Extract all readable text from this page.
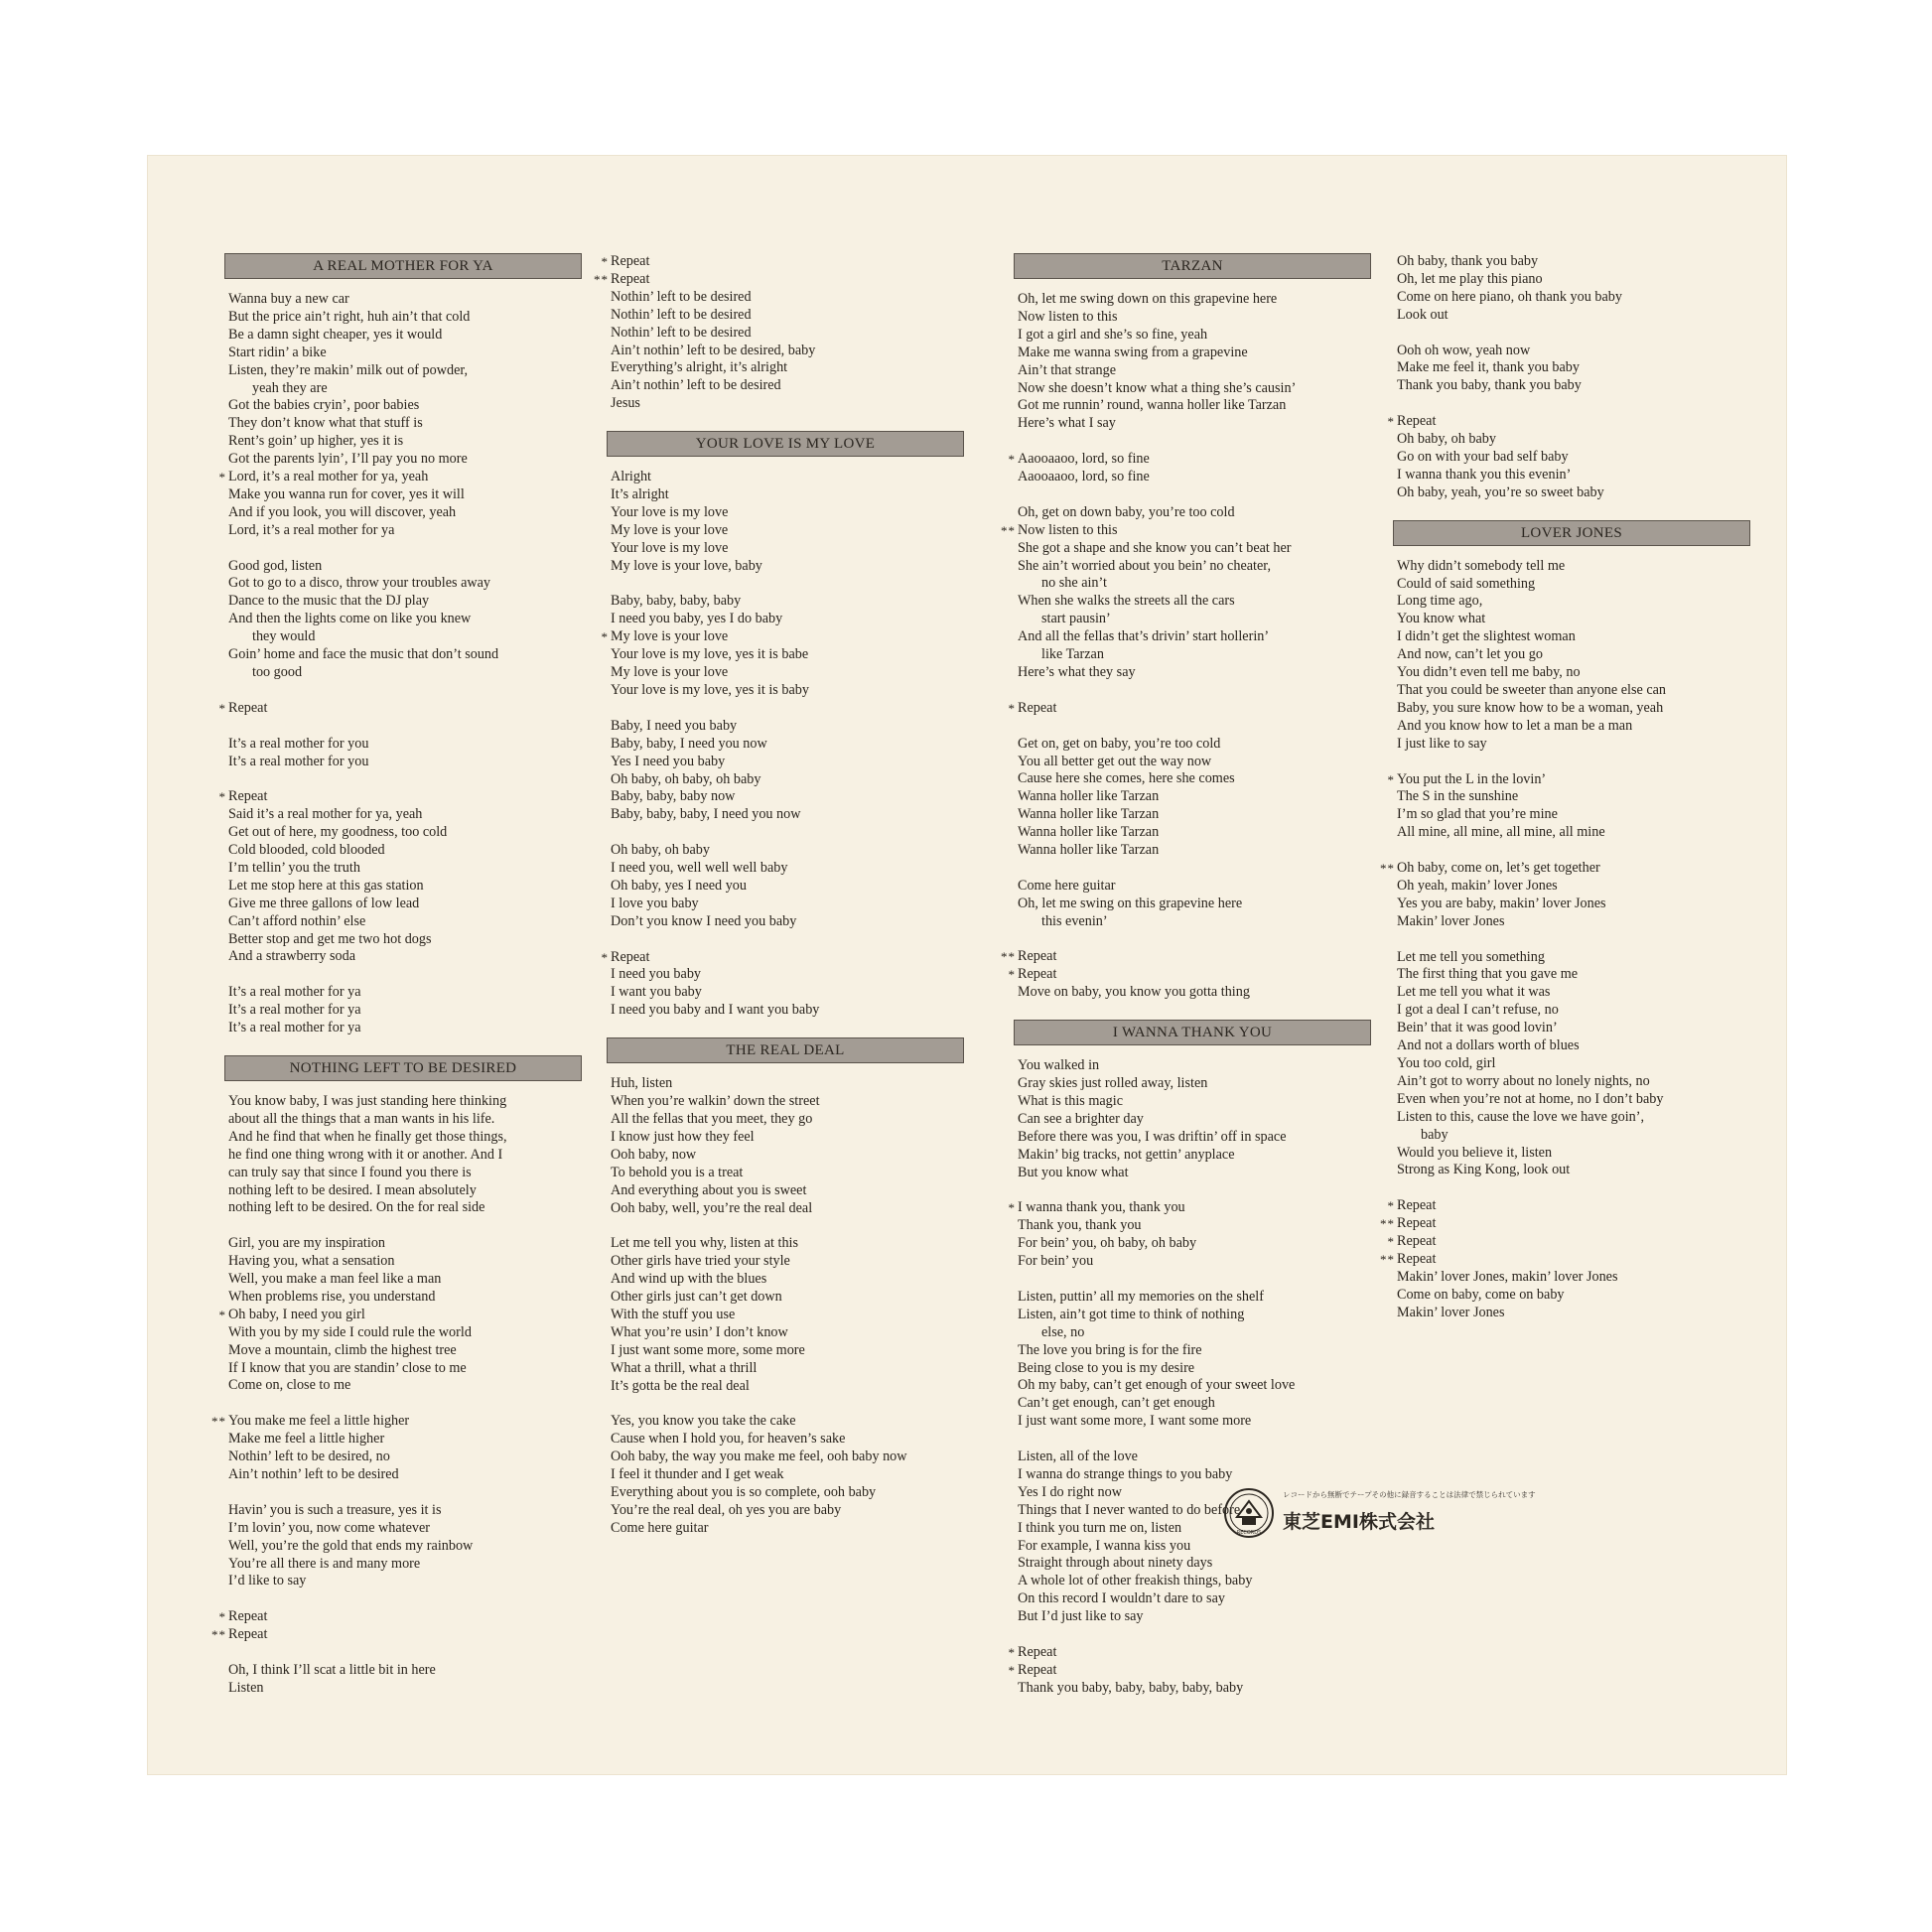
A REAL MOTHER FOR YA
Wanna buy a new car
But the price ain’t right, huh ain’t that cold
Be a damn sight cheaper, yes it would
Start ridin’ a bike
Listen, they’re makin’ milk out of powder,
yeah they are
Got the babies cryin’, poor babies
They don’t know what that stuff is
Rent’s goin’ up higher, yes it is
Got the parents lyin’, I’ll pay you no more
* Lord, it’s a real mother for ya, yeah
Make you wanna run for cover, yes it will
And if you look, you will discover, yeah
Lord, it’s a real mother for ya
Good god, listen
Got to go to a disco, throw your troubles away
Dance to the music that the DJ play
And then the lights come on like you knew
they would
Goin’ home and face the music that don’t sound
too good
* Repeat
It’s a real mother for you
It’s a real mother for you
* Repeat
Said it’s a real mother for ya, yeah
Get out of here, my goodness, too cold
Cold blooded, cold blooded
I’m tellin’ you the truth
Let me stop here at this gas station
Give me three gallons of low lead
Can’t afford nothin’ else
Better stop and get me two hot dogs
And a strawberry soda
It’s a real mother for ya
It’s a real mother for ya
It’s a real mother for ya
NOTHING LEFT TO BE DESIRED
You know baby, I was just standing here thinking
about all the things that a man wants in his life.
And he find that when he finally get those things,
he find one thing wrong with it or another. And I
can truly say that since I found you there is
nothing left to be desired. I mean absolutely
nothing left to be desired. On the for real side
Girl, you are my inspiration
Having you, what a sensation
Well, you make a man feel like a man
When problems rise, you understand
* Oh baby, I need you girl
With you by my side I could rule the world
Move a mountain, climb the highest tree
If I know that you are standin’ close to me
Come on, close to me
** You make me feel a little higher
Make me feel a little higher
Nothin’ left to be desired, no
Ain’t nothin’ left to be desired
Havin’ you is such a treasure, yes it is
I’m lovin’ you, now come whatever
Well, you’re the gold that ends my rainbow
You’re all there is and many more
I’d like to say
* Repeat
** Repeat
Oh, I think I’ll scat a little bit in here
Listen
* Repeat
** Repeat
Nothin’ left to be desired
Nothin’ left to be desired
Nothin’ left to be desired
Ain’t nothin’ left to be desired, baby
Everything’s alright, it’s alright
Ain’t nothin’ left to be desired
Jesus
YOUR LOVE IS MY LOVE
Alright
It’s alright
Your love is my love
My love is your love
Your love is my love
My love is your love, baby
Baby, baby, baby, baby
I need you baby, yes I do baby
* My love is your love
Your love is my love, yes it is babe
My love is your love
Your love is my love, yes it is baby
Baby, I need you baby
Baby, baby, I need you now
Yes I need you baby
Oh baby, oh baby, oh baby
Baby, baby, baby now
Baby, baby, baby, I need you now
Oh baby, oh baby
I need you, well well well baby
Oh baby, yes I need you
I love you baby
Don’t you know I need you baby
* Repeat
I need you baby
I want you baby
I need you baby and I want you baby
THE REAL DEAL
Huh, listen
When you’re walkin’ down the street
All the fellas that you meet, they go
I know just how they feel
Ooh baby, now
To behold you is a treat
And everything about you is sweet
Ooh baby, well, you’re the real deal
Let me tell you why, listen at this
Other girls have tried your style
And wind up with the blues
Other girls just can’t get down
With the stuff you use
What you’re usin’ I don’t know
I just want some more, some more
What a thrill, what a thrill
It’s gotta be the real deal
Yes, you know you take the cake
Cause when I hold you, for heaven’s sake
Ooh baby, the way you make me feel, ooh baby now
I feel it thunder and I get weak
Everything about you is so complete, ooh baby
You’re the real deal, oh yes you are baby
Come here guitar
TARZAN
Oh, let me swing down on this grapevine here
Now listen to this
I got a girl and she’s so fine, yeah
Make me wanna swing from a grapevine
Ain’t that strange
Now she doesn’t know what a thing she’s causin’
Got me runnin’ round, wanna holler like Tarzan
Here’s what I say
* Aaooaaoo, lord, so fine
Aaooaaoo, lord, so fine
Oh, get on down baby, you’re too cold
** Now listen to this
She got a shape and she know you can’t beat her
She ain’t worried about you bein’ no cheater,
no she ain’t
When she walks the streets all the cars
start pausin’
And all the fellas that’s drivin’ start hollerin’
like Tarzan
Here’s what they say
* Repeat
Get on, get on baby, you’re too cold
You all better get out the way now
Cause here she comes, here she comes
Wanna holler like Tarzan
Wanna holler like Tarzan
Wanna holler like Tarzan
Wanna holler like Tarzan
Come here guitar
Oh, let me swing on this grapevine here
this evenin’
** Repeat
* Repeat
Move on baby, you know you gotta thing
I WANNA THANK YOU
You walked in
Gray skies just rolled away, listen
What is this magic
Can see a brighter day
Before there was you, I was driftin’ off in space
Makin’ big tracks, not gettin’ anyplace
But you know what
* I wanna thank you, thank you
Thank you, thank you
For bein’ you, oh baby, oh baby
For bein’ you
Listen, puttin’ all my memories on the shelf
Listen, ain’t got time to think of nothing
else, no
The love you bring is for the fire
Being close to you is my desire
Oh my baby, can’t get enough of your sweet love
Can’t get enough, can’t get enough
I just want some more, I want some more
Listen, all of the love
I wanna do strange things to you baby
Yes I do right now
Things that I never wanted to do before
I think you turn me on, listen
For example, I wanna kiss you
Straight through about ninety days
A whole lot of other freakish things, baby
On this record I wouldn’t dare to say
But I’d just like to say
* Repeat
* Repeat
Thank you baby, baby, baby, baby, baby
Oh baby, thank you baby
Oh, let me play this piano
Come on here piano, oh thank you baby
Look out
Ooh oh wow, yeah now
Make me feel it, thank you baby
Thank you baby, thank you baby
* Repeat
Oh baby, oh baby
Go on with your bad self baby
I wanna thank you this evenin’
Oh baby, yeah, you’re so sweet baby
LOVER JONES
Why didn’t somebody tell me
Could of said something
Long time ago,
You know what
I didn’t get the slightest woman
And now, can’t let you go
You didn’t even tell me baby, no
That you could be sweeter than anyone else can
Baby, you sure know how to be a woman, yeah
And you know how to let a man be a man
I just like to say
* You put the L in the lovin’
The S in the sunshine
I’m so glad that you’re mine
All mine, all mine, all mine, all mine
** Oh baby, come on, let’s get together
Oh yeah, makin’ lover Jones
Yes you are baby, makin’ lover Jones
Makin’ lover Jones
Let me tell you something
The first thing that you gave me
Let me tell you what it was
I got a deal I can’t refuse, no
Bein’ that it was good lovin’
And not a dollars worth of blues
You too cold, girl
Ain’t got to worry about no lonely nights, no
Even when you’re not at home, no I don’t baby
Listen to this, cause the love we have goin’,
baby
Would you believe it, listen
Strong as King Kong, look out
* Repeat
** Repeat
* Repeat
** Repeat
Makin’ lover Jones, makin’ lover Jones
Come on baby, come on baby
Makin’ lover Jones
RECORDS
レコードから無断でテープその他に録音することは法律で禁じられています
東芝EMI株式会社
